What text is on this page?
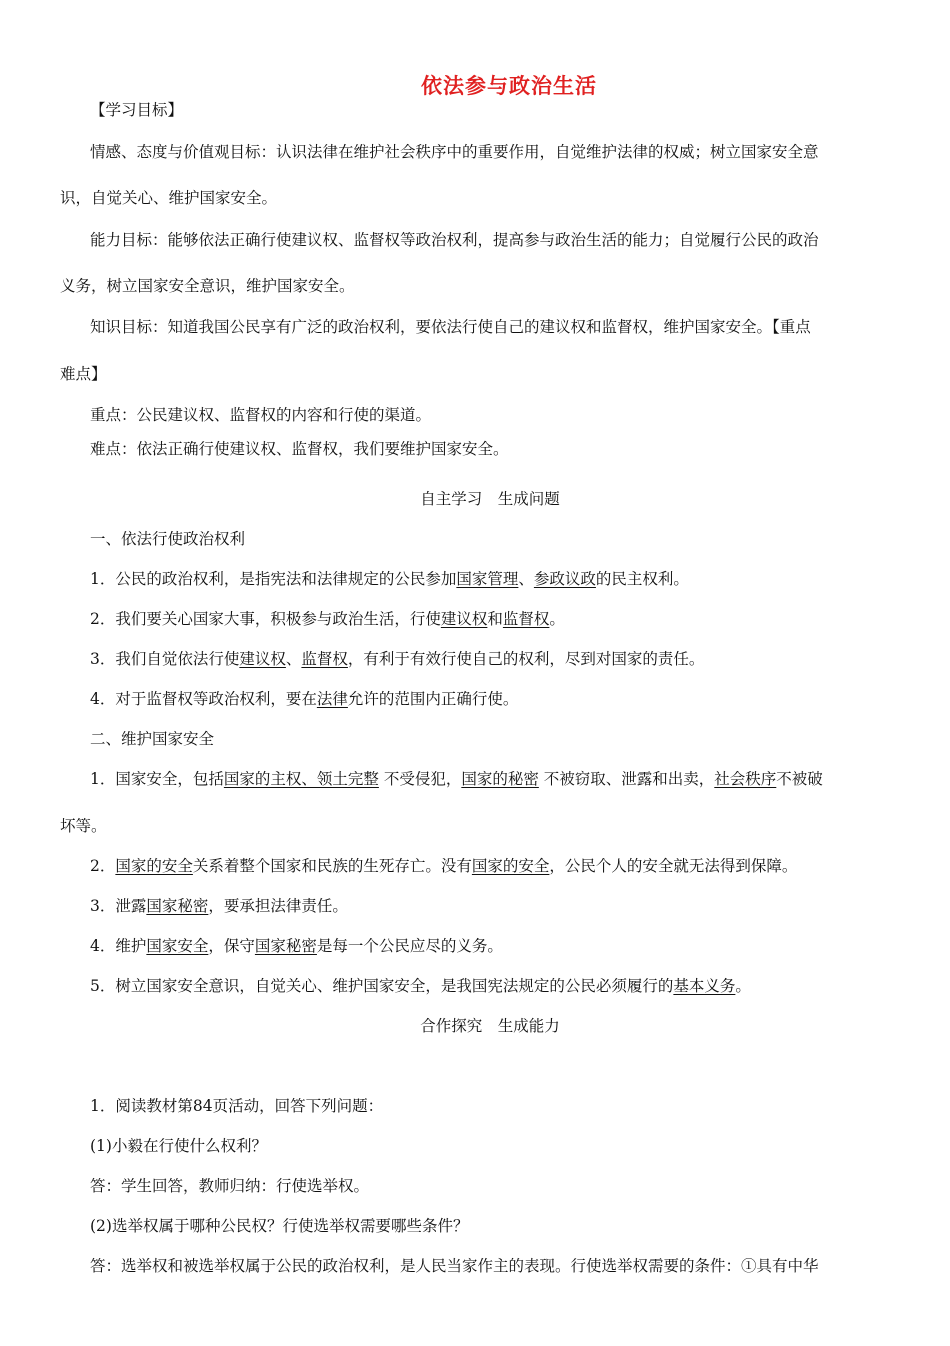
依法参与政治生活
【学习目标】
情感、态度与价值观目标：认识法律在维护社会秩序中的重要作用，自觉维护法律的权威；树立国家安全意
识，自觉关心、维护国家安全。
能力目标：能够依法正确行使建议权、监督权等政治权利，提高参与政治生活的能力；自觉履行公民的政治
义务，树立国家安全意识，维护国家安全。
知识目标：知道我国公民享有广泛的政治权利，要依法行使自己的建议权和监督权，维护国家安全。【重点
难点】
重点：公民建议权、监督权的内容和行使的渠道。
难点：依法正确行使建议权、监督权，我们要维护国家安全。
自主学习　生成问题
一、依法行使政治权利
1．公民的政治权利，是指宪法和法律规定的公民参加国家管理、参政议政的民主权利。
2．我们要关心国家大事，积极参与政治生活，行使建议权和监督权。
3．我们自觉依法行使建议权、监督权，有利于有效行使自己的权利，尽到对国家的责任。
4．对于监督权等政治权利，要在法律允许的范围内正确行使。
二、维护国家安全
1．国家安全，包括国家的主权、领土完整 不受侵犯，国家的秘密 不被窃取、泄露和出卖，社会秩序不被破
坏等。
2．国家的安全关系着整个国家和民族的生死存亡。没有国家的安全，公民个人的安全就无法得到保障。
3．泄露国家秘密，要承担法律责任。
4．维护国家安全，保守国家秘密是每一个公民应尽的义务。
5．树立国家安全意识，自觉关心、维护国家安全，是我国宪法规定的公民必须履行的基本义务。
合作探究　生成能力
1．阅读教材第84页活动，回答下列问题：
(1)小毅在行使什么权利？
答：学生回答，教师归纳：行使选举权。
(2)选举权属于哪种公民权？行使选举权需要哪些条件？
答：选举权和被选举权属于公民的政治权利，是人民当家作主的表现。行使选举权需要的条件：①具有中华
